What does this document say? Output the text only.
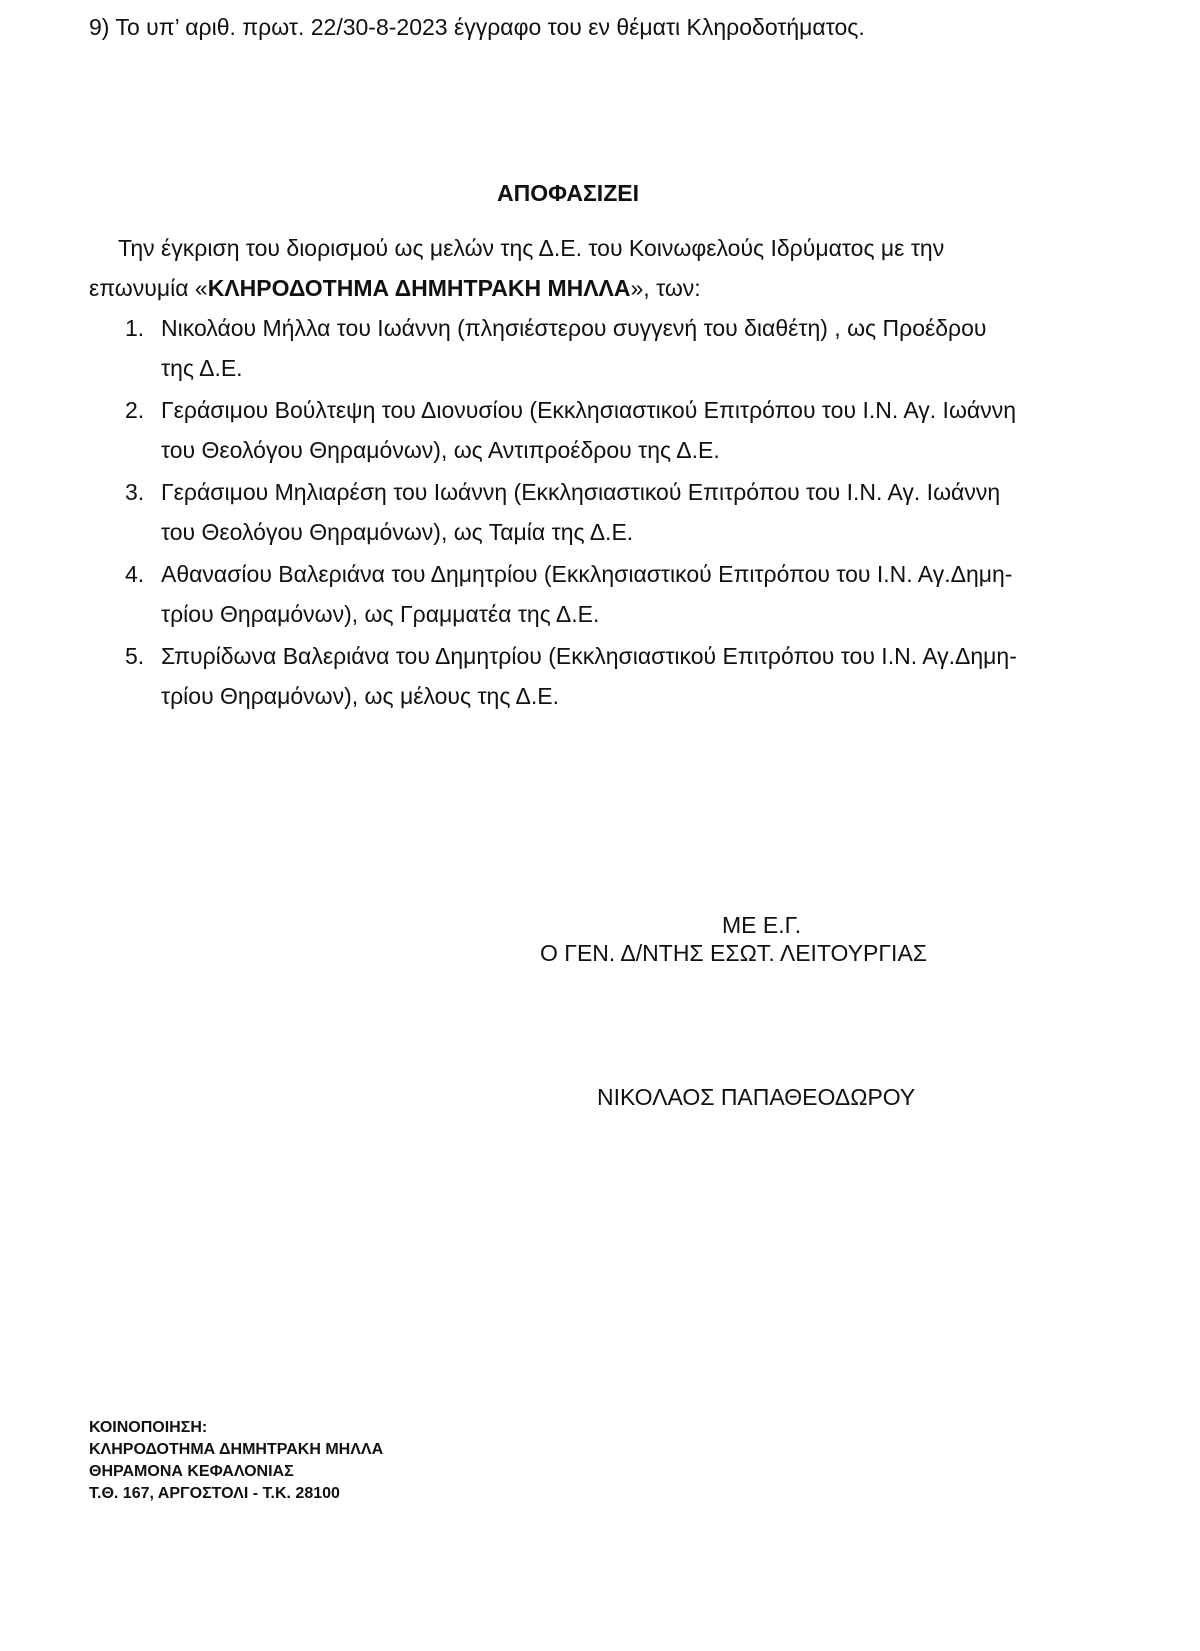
9) Το υπ’ αριθ. πρωτ. 22/30-8-2023 έγγραφο του εν θέματι Κληροδοτήματος.
ΑΠΟΦΑΣΙΖΕΙ
Την έγκριση του διορισμού ως μελών της Δ.Ε. του Κοινωφελούς Ιδρύματος με την
επωνυμία «ΚΛΗΡΟΔΟΤΗΜΑ ΔΗΜΗΤΡΑΚΗ ΜΗΛΛΑ», των:
1. Νικολάου Μήλλα του Ιωάννη (πλησιέστερου συγγενή του διαθέτη) , ως Προέδρου
της Δ.Ε.
2. Γεράσιμου Βούλτεψη του Διονυσίου (Εκκλησιαστικού Επιτρόπου του Ι.Ν. Αγ. Ιωάννη
του Θεολόγου Θηραμόνων), ως Αντιπροέδρου της Δ.Ε.
3. Γεράσιμου Μηλιαρέση του Ιωάννη (Εκκλησιαστικού Επιτρόπου του Ι.Ν. Αγ. Ιωάννη
του Θεολόγου Θηραμόνων), ως Ταμία της Δ.Ε.
4. Αθανασίου Βαλεριάνα του Δημητρίου (Εκκλησιαστικού Επιτρόπου του Ι.Ν. Αγ.Δημη-
τρίου Θηραμόνων), ως Γραμματέα της Δ.Ε.
5. Σπυρίδωνα Βαλεριάνα του Δημητρίου (Εκκλησιαστικού Επιτρόπου του Ι.Ν. Αγ.Δημη-
τρίου Θηραμόνων), ως μέλους της Δ.Ε.
ΜΕ Ε.Γ.
Ο ΓΕΝ. Δ/ΝΤΗΣ ΕΣΩΤ. ΛΕΙΤΟΥΡΓΙΑΣ
ΝΙΚΟΛΑΟΣ ΠΑΠΑΘΕΟΔΩΡΟΥ
ΚΟΙΝΟΠΟΙΗΣΗ:
ΚΛΗΡΟΔΟΤΗΜΑ ΔΗΜΗΤΡΑΚΗ ΜΗΛΛΑ
ΘΗΡΑΜΟΝΑ ΚΕΦΑΛΟΝΙΑΣ
Τ.Θ. 167, ΑΡΓΟΣΤΟΛΙ - Τ.Κ. 28100
